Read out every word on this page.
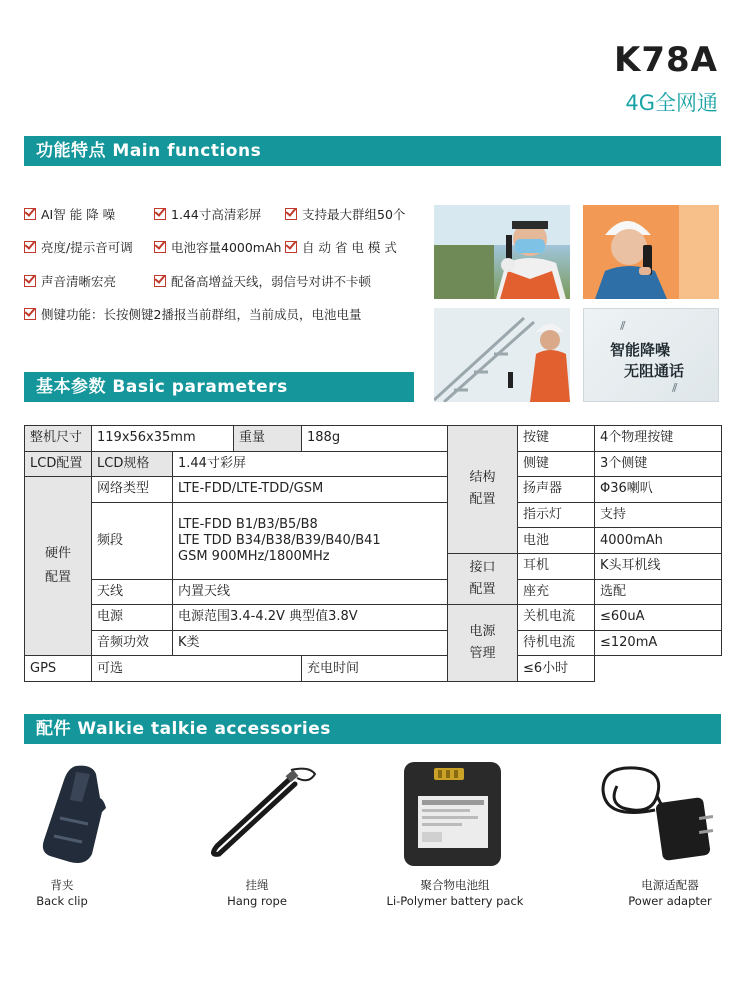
K78A
4G全网通
功能特点 Main functions
AI智 能 降 噪	1.44寸高清彩屏	支持最大群组50个
亮度/提示音可调	电池容量4000mAh	自 动 省 电 模 式
声音清晰宏亮	配备高增益天线，弱信号对讲不卡顿
侧键功能：长按侧键2播报当前群组，当前成员，电池电量
//
智能降噪
无阻通话
//
基本参数 Basic parameters
整机尺寸	119x56x35mm		重量	188g	结构配置	按键	4个物理按键
LCD配置	LCD规格	1.44寸彩屏				侧键	3个侧键
硬件配置	网络类型	LTE-FDD/LTE-TDD/GSM				扬声器	Φ36喇叭
	频段	LTE-FDD B1/B3/B5/B8
LTE TDD B34/B38/B39/B40/B41
GSM 900MHz/1800MHz				指示灯	支持
						电池	4000mAh
					接口配置	耳机	K头耳机线
	天线	内置天线				座充	选配
	电源	电源范围3.4-4.2V 典型值3.8V			电源管理	关机电流	≤60uA
	音频功效	K类				待机电流	≤120mA
GPS	可选			充电时间		≤6小时	
配件 Walkie talkie accessories
背夹
Back clip
挂绳
Hang rope
聚合物电池组
Li-Polymer battery pack
电源适配器
Power adapter
